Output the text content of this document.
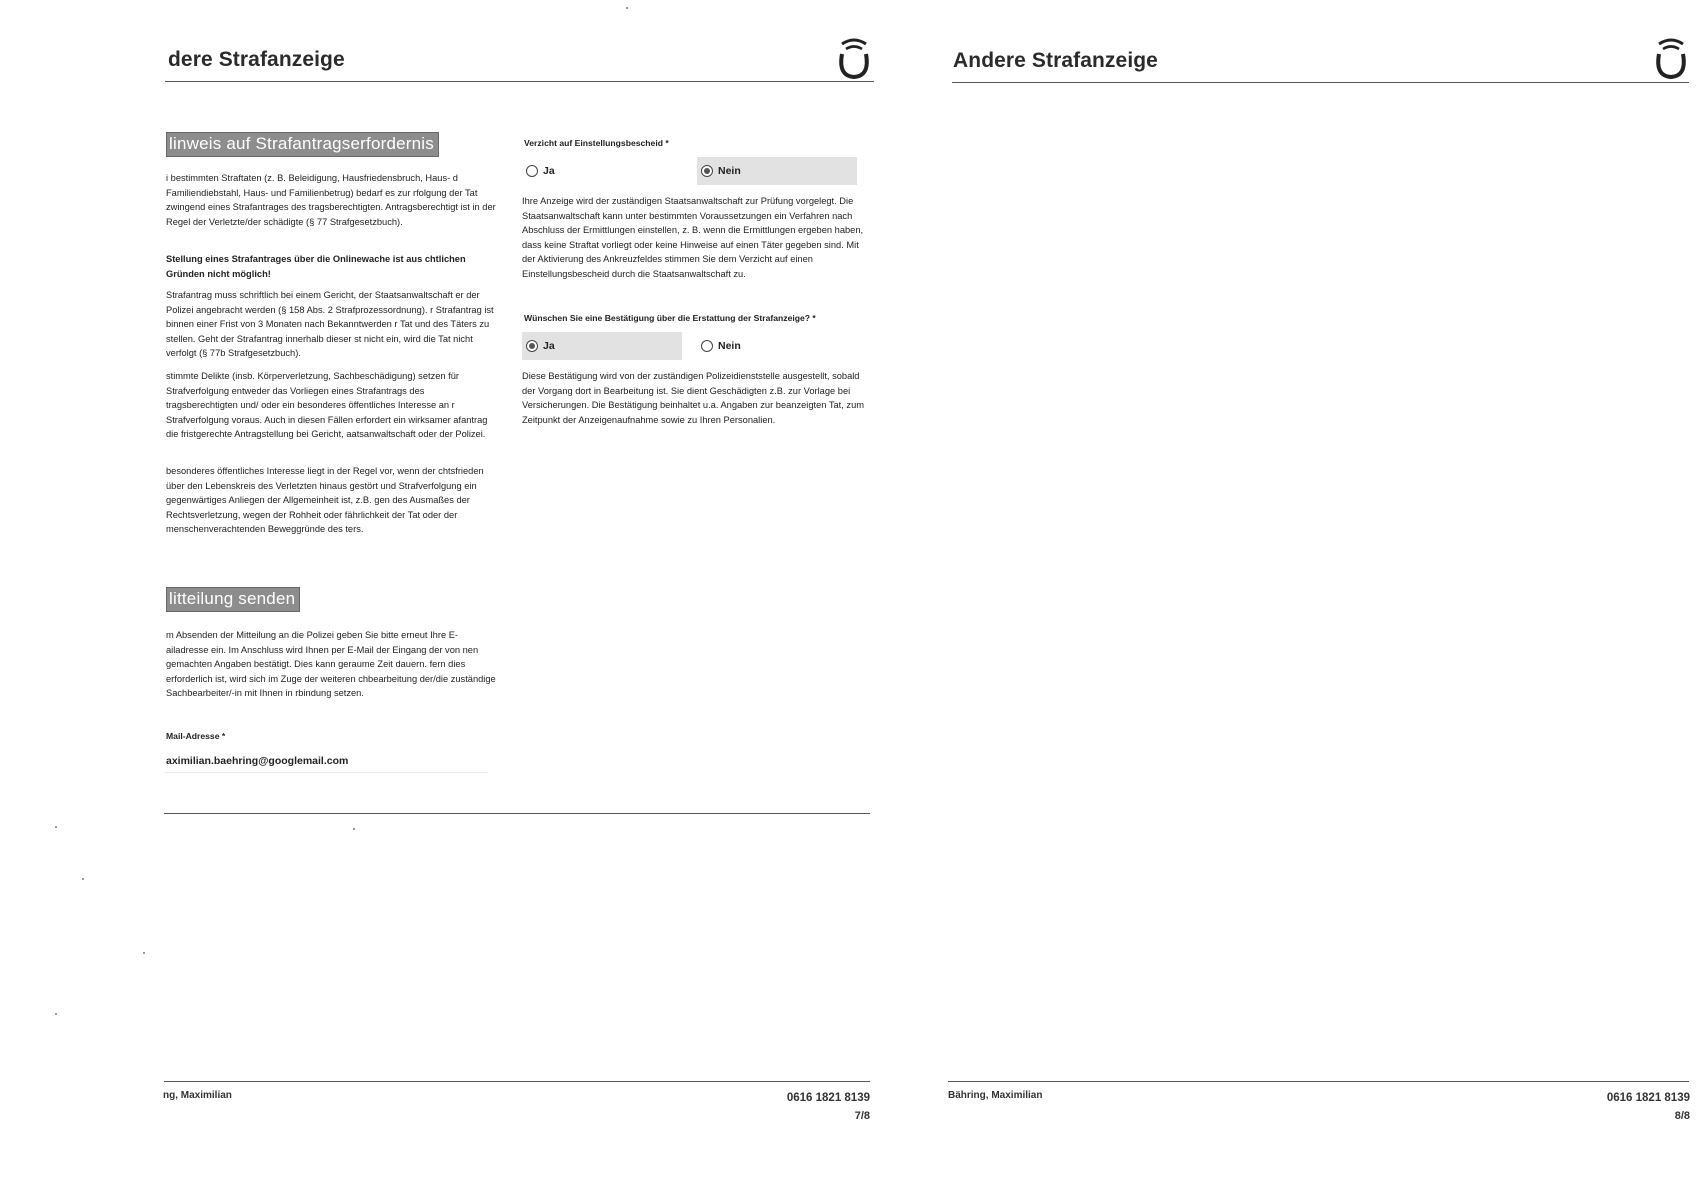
dere Strafanzeige
linweis auf Strafantragserfordernis

i bestimmten Straftaten (z. B. Beleidigung, Hausfriedensbruch, Haus- d Familiendiebstahl, Haus- und Familienbetrug) bedarf es zur rfolgung der Tat zwingend eines Strafantrages des tragsberechtigten. Antragsberechtigt ist in der Regel der Verletzte/der schädigte (§ 77 Strafgesetzbuch).

Stellung eines Strafantrages über die Onlinewache ist aus chtlichen Gründen nicht möglich!

Strafantrag muss schriftlich bei einem Gericht, der Staatsanwaltschaft er der Polizei angebracht werden (§ 158 Abs. 2 Strafprozessordnung). r Strafantrag ist binnen einer Frist von 3 Monaten nach Bekanntwerden r Tat und des Täters zu stellen. Geht der Strafantrag innerhalb dieser st nicht ein, wird die Tat nicht verfolgt (§ 77b Strafgesetzbuch).

stimmte Delikte (insb. Körperverletzung, Sachbeschädigung) setzen für Strafverfolgung entweder das Vorliegen eines Strafantrags des tragsberechtigten und/ oder ein besonderes öffentliches Interesse an r Strafverfolgung voraus. Auch in diesen Fällen erfordert ein wirksamer afantrag die fristgerechte Antragstellung bei Gericht, aatsanwaltschaft oder der Polizei.

besonderes öffentliches Interesse liegt in der Regel vor, wenn der chtsfrieden über den Lebenskreis des Verletzten hinaus gestört und Strafverfolgung ein gegenwärtiges Anliegen der Allgemeinheit ist, z.B. gen des Ausmaßes der Rechtsverletzung, wegen der Rohheit oder fährlichkeit der Tat oder der menschenverachtenden Beweggründe des ters.

litteilung senden

m Absenden der Mitteilung an die Polizei geben Sie bitte erneut Ihre E- ailadresse ein. Im Anschluss wird Ihnen per E-Mail der Eingang der von nen gemachten Angaben bestätigt. Dies kann geraume Zeit dauern. fern dies erforderlich ist, wird sich im Zuge der weiteren chbearbeitung der/die zuständige Sachbearbeiter/-in mit Ihnen in rbindung setzen.

Mail-Adresse *
aximilian.baehring@googlemail.com
Verzicht auf Einstellungsbescheid *
Ja	Nein

Ihre Anzeige wird der zuständigen Staatsanwaltschaft zur Prüfung vorgelegt. Die Staatsanwaltschaft kann unter bestimmten Voraussetzungen ein Verfahren nach Abschluss der Ermittlungen einstellen, z. B. wenn die Ermittlungen ergeben haben, dass keine Straftat vorliegt oder keine Hinweise auf einen Täter gegeben sind. Mit der Aktivierung des Ankreuzfeldes stimmen Sie dem Verzicht auf einen Einstellungsbescheid durch die Staatsanwaltschaft zu.

Wünschen Sie eine Bestätigung über die Erstattung der Strafanzeige? *
Ja	Nein

Diese Bestätigung wird von der zuständigen Polizeidienststelle ausgestellt, sobald der Vorgang dort in Bearbeitung ist. Sie dient Geschädigten z.B. zur Vorlage bei Versicherungen. Die Bestätigung beinhaltet u.a. Angaben zur beanzeigten Tat, zum Zeitpunkt der Anzeigenaufnahme sowie zu Ihren Personalien.

ng, Maximilian	0616 1821 8139
7/8
Andere Strafanzeige
Bähring, Maximilian	0616 1821 8139
8/8
